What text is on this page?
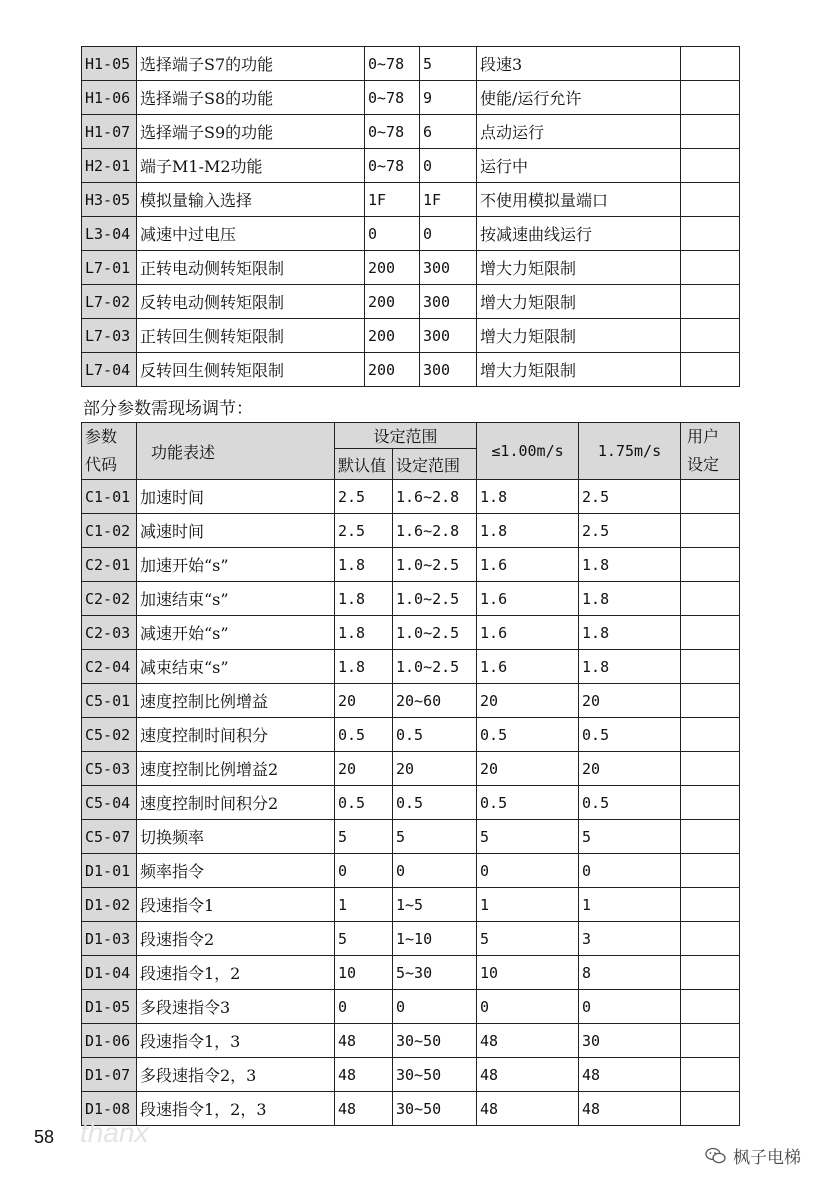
H1-05	选择端子S7的功能	0~78	5	段速3	
H1-06	选择端子S8的功能	0~78	9	使能/运行允许	
H1-07	选择端子S9的功能	0~78	6	点动运行	
H2-01	端子M1-M2功能	0~78	0	运行中	
H3-05	模拟量输入选择	1F	1F	不使用模拟量端口	
L3-04	减速中过电压	0	0	按减速曲线运行	
L7-01	正转电动侧转矩限制	200	300	增大力矩限制	
L7-02	反转电动侧转矩限制	200	300	增大力矩限制	
L7-03	正转回生侧转矩限制	200	300	增大力矩限制	
L7-04	反转回生侧转矩限制	200	300	增大力矩限制	
部分参数需现场调节：
参数
代码	功能表述	设定范围		≤1.00m/s	1.75m/s	用户
设定
		默认值	设定范围			
C1-01	加速时间	2.5	1.6~2.8	1.8	2.5	
C1-02	减速时间	2.5	1.6~2.8	1.8	2.5	
C2-01	加速开始“s”	1.8	1.0~2.5	1.6	1.8	
C2-02	加速结束“s”	1.8	1.0~2.5	1.6	1.8	
C2-03	减速开始“s”	1.8	1.0~2.5	1.6	1.8	
C2-04	减束结束“s”	1.8	1.0~2.5	1.6	1.8	
C5-01	速度控制比例增益	20	20~60	20	20	
C5-02	速度控制时间积分	0.5	0.5	0.5	0.5	
C5-03	速度控制比例增益2	20	20	20	20	
C5-04	速度控制时间积分2	0.5	0.5	0.5	0.5	
C5-07	切换频率	5	5	5	5	
D1-01	频率指令	0	0	0	0	
D1-02	段速指令1	1	1~5	1	1	
D1-03	段速指令2	5	1~10	5	3	
D1-04	段速指令1，2	10	5~30	10	8	
D1-05	多段速指令3	0	0	0	0	
D1-06	段速指令1，3	48	30~50	48	30	
D1-07	多段速指令2，3	48	30~50	48	48	
D1-08	段速指令1，2，3	48	30~50	48	48	
58 thanx
枫子电梯
